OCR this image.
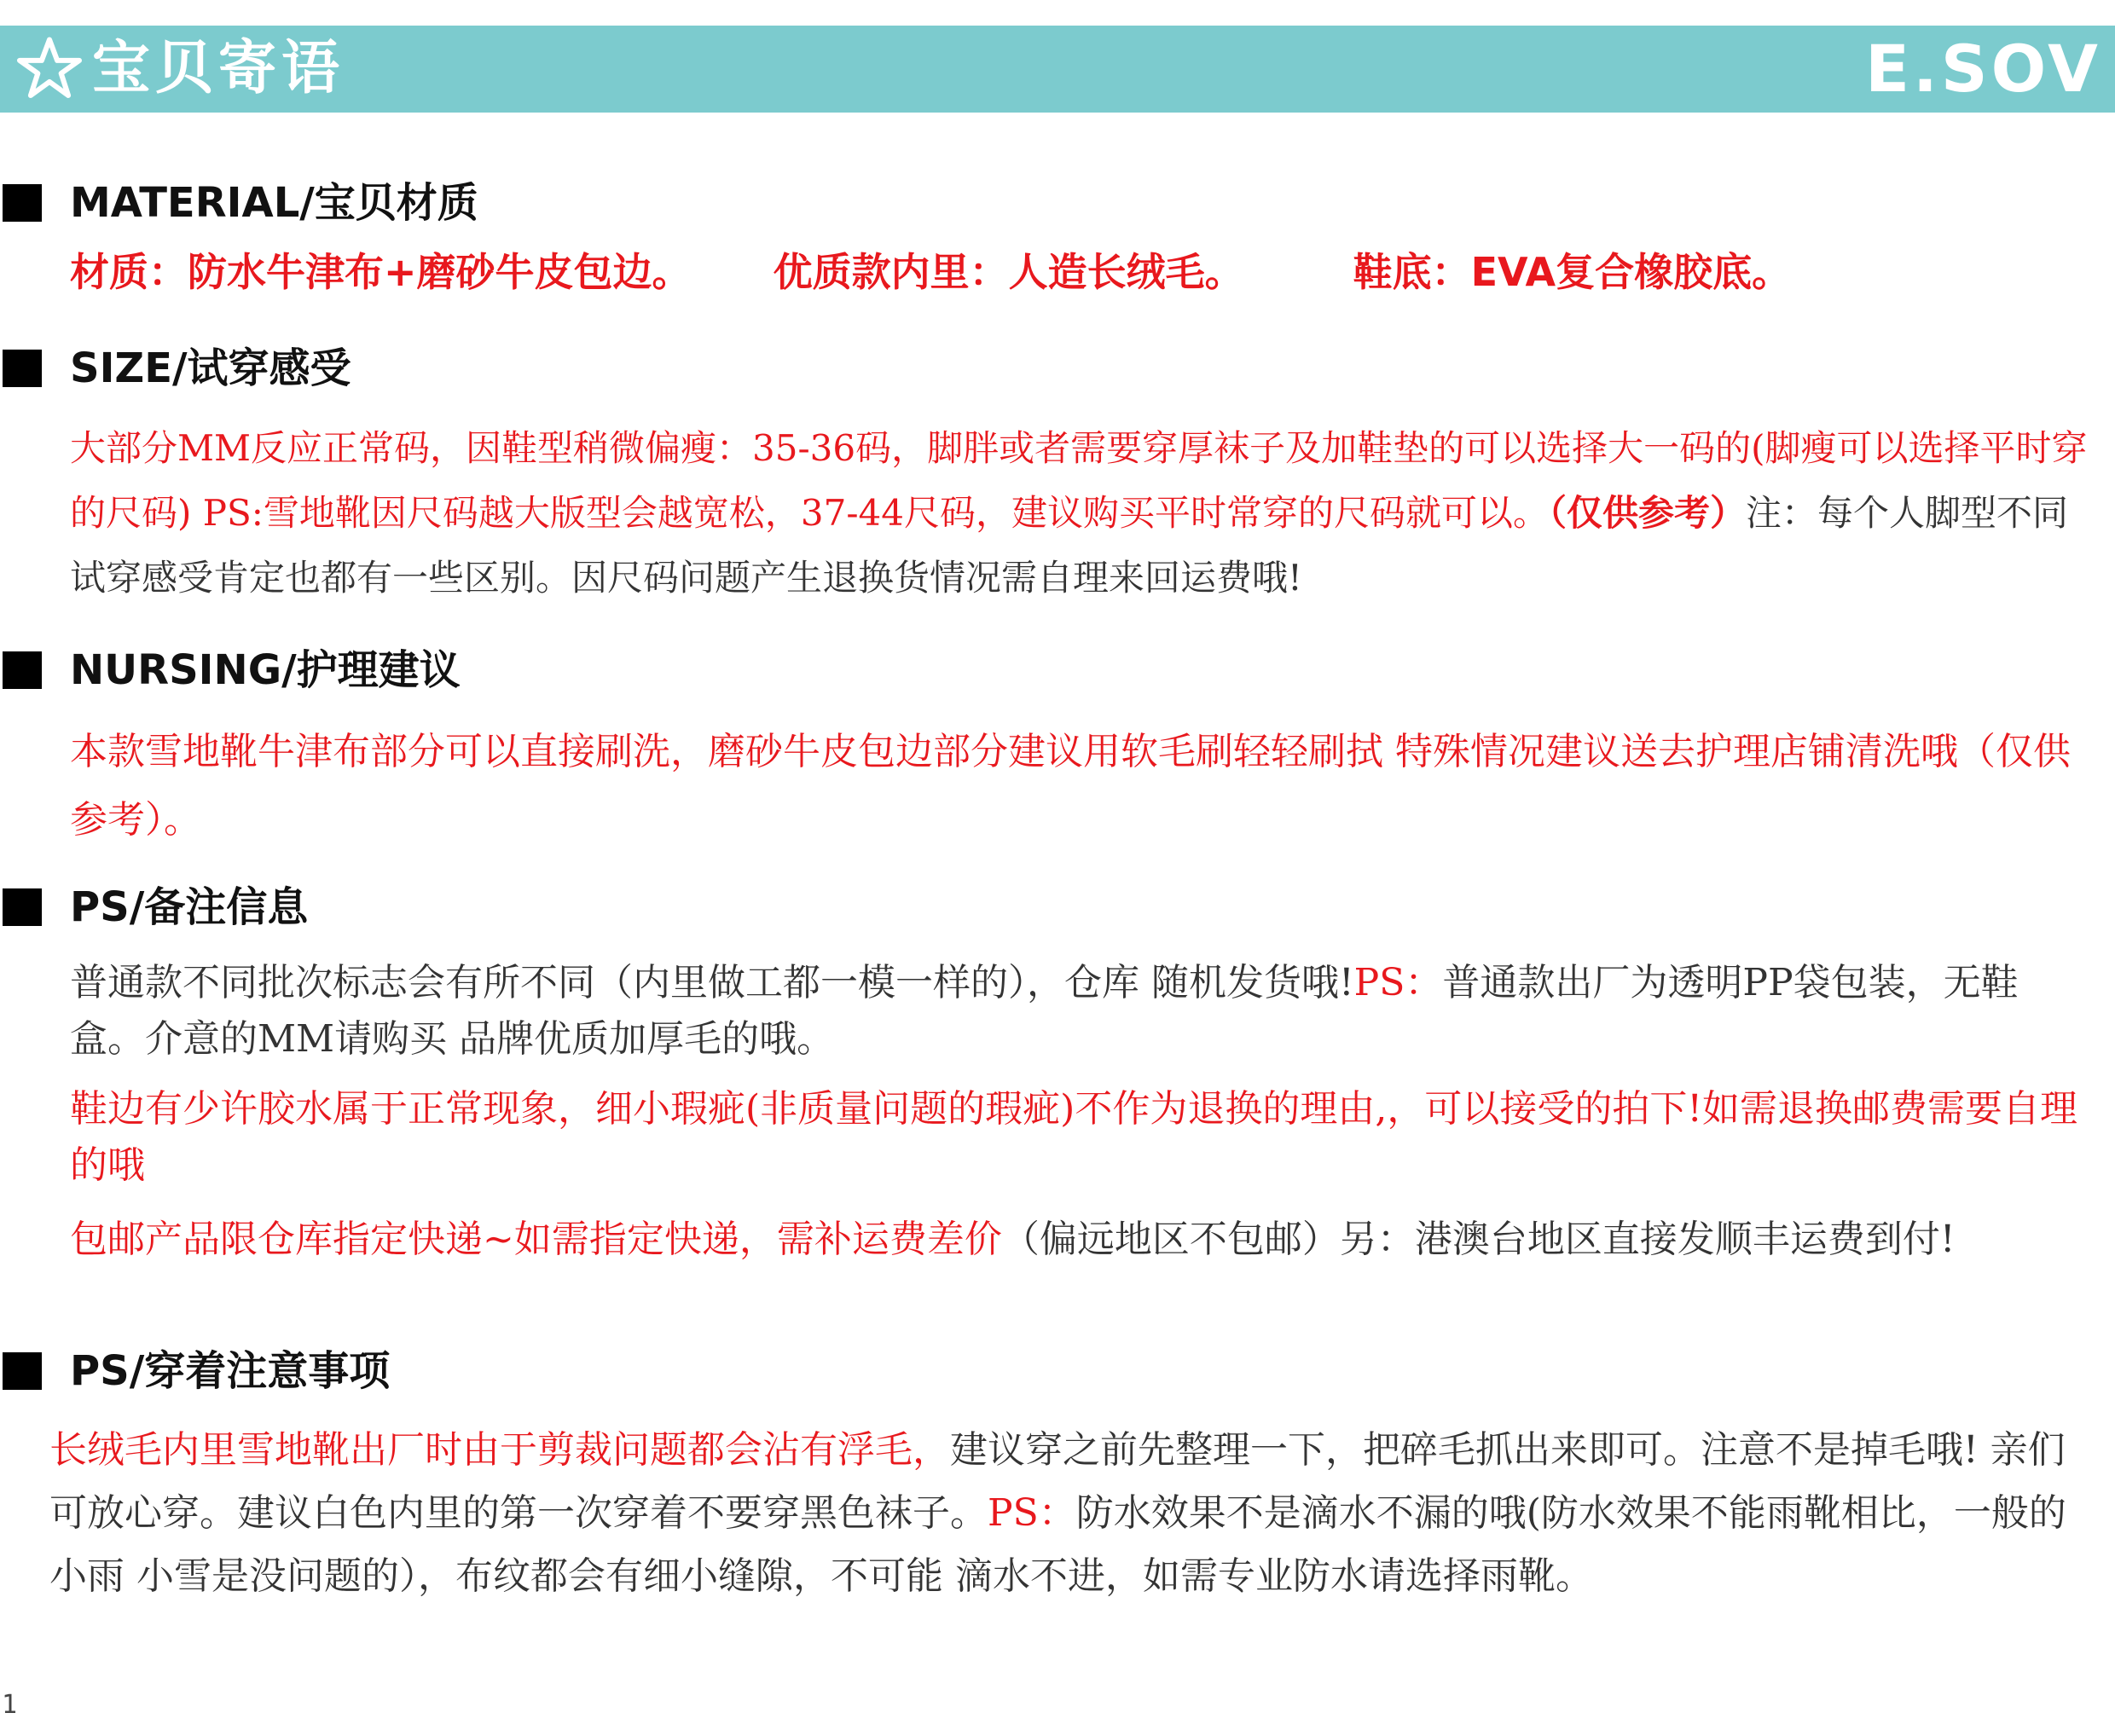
宝贝寄语	E.SOV
MATERIAL/宝贝材质
材质：防水牛津布+磨砂牛皮包边。 优质款内里：人造长绒毛。	鞋底：EVA复合橡胶底。
SIZE/试穿感受
大部分MM反应正常码，因鞋型稍微偏瘦：35-36码，脚胖或者需要穿厚袜子及加鞋垫的可以选择大一码的(脚瘦可以选择平时穿的尺码) PS:雪地靴因尺码越大版型会越宽松，37-44尺码，建议购买平时常穿的尺码就可以。（仅供参考）注：每个人脚型不同试穿感受肯定也都有一些区别。因尺码问题产生退换货情况需自理来回运费哦!
NURSING/护理建议
本款雪地靴牛津布部分可以直接刷洗，磨砂牛皮包边部分建议用软毛刷轻轻刷拭 特殊情况建议送去护理店铺清洗哦（仅供参考）。
PS/备注信息
普通款不同批次标志会有所不同（内里做工都一模一样的），仓库 随机发货哦!PS：普通款出厂为透明PP袋包装，无鞋盒。介意的MM请购买 品牌优质加厚毛的哦。
鞋边有少许胶水属于正常现象，细小瑕疵(非质量问题的瑕疵)不作为退换的理由,，可以接受的拍下!如需退换邮费需要自理的哦
包邮产品限仓库指定快递~如需指定快递，需补运费差价（偏远地区不包邮）另：港澳台地区直接发顺丰运费到付!
PS/穿着注意事项
长绒毛内里雪地靴出厂时由于剪裁问题都会沾有浮毛，建议穿之前先整理一下，把碎毛抓出来即可。注意不是掉毛哦! 亲们可放心穿。建议白色内里的第一次穿着不要穿黑色袜子。PS：防水效果不是滴水不漏的哦(防水效果不能雨靴相比，一般的小雨 小雪是没问题的），布纹都会有细小缝隙，不可能 滴水不进，如需专业防水请选择雨靴。
1
